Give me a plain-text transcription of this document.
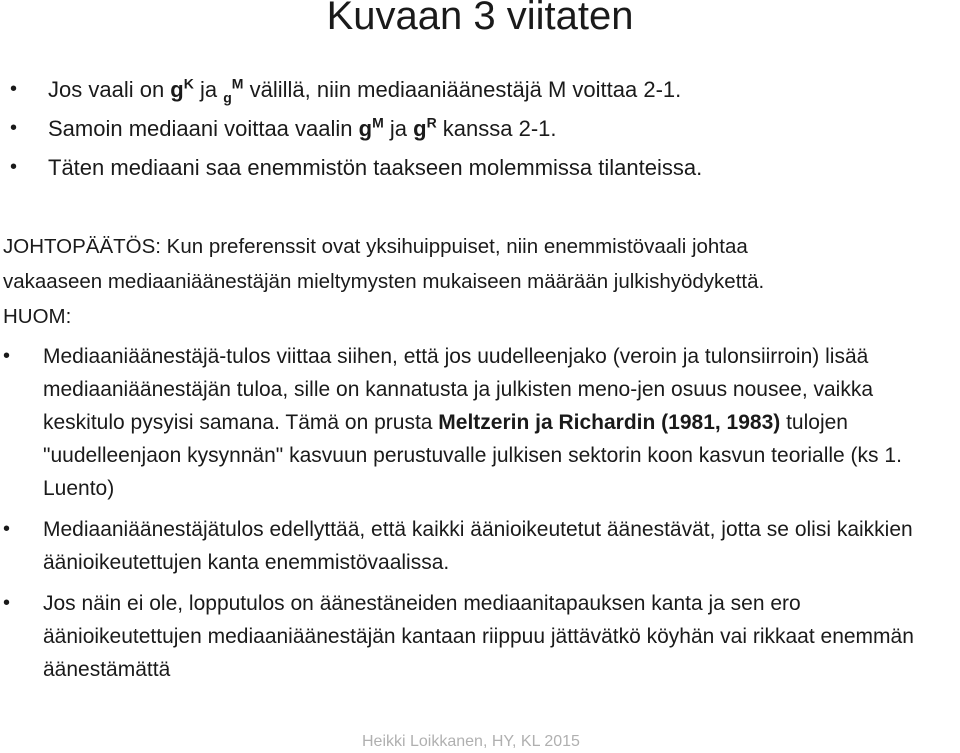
Kuvaan 3 viitaten
• Jos vaali on $g^K$ ja $_g^M$ välillä, niin mediaaniäänestäjä M voittaa 2-1.
• Samoin mediaani voittaa vaalin $g^M$ ja $g^R$ kanssa 2-1.
• Täten mediaani saa enemmistön taakseen molemmissa tilanteissa.

JOHTOPÄÄTÖS: Kun preferenssit ovat yksihuippuiset, niin enemmistövaali johtaa
vakaaseen mediaaniäänestäjän mieltymysten mukaiseen määrään julkishyödykettä.

HUOM:

• Mediaaniäänestäjä-tulos viittaa siihen, että jos uudelleenjako (veroin ja tulonsiirroin) lisää mediaaniäänestäjän tuloa, sille on kannatusta ja julkisten meno-jen osuus nousee, vaikka keskitulo pysyisi samana. Tämä on prusta Meltzerin ja Richardin (1981, 1983) tulojen "uudelleenjaon kysynnän" kasvuun perustuvalle julkisen sektorin koon kasvun teorialle (ks 1. Luento)
• Mediaaniäänestäjätulos edellyttää, että kaikki äänioikeutetut äänestävät, jotta se olisi kaikkien äänioikeutettujen kanta enemmistövaalissa.
• Jos näin ei ole, lopputulos on äänestäneiden mediaanitapauksen kanta ja sen ero äänioikeutettujen mediaaniäänestäjän kantaan riippuu jättävätkö köyhän vai rikkaat enemmän äänestämättä
Heikki Loikkanen, HY, KL 2015
